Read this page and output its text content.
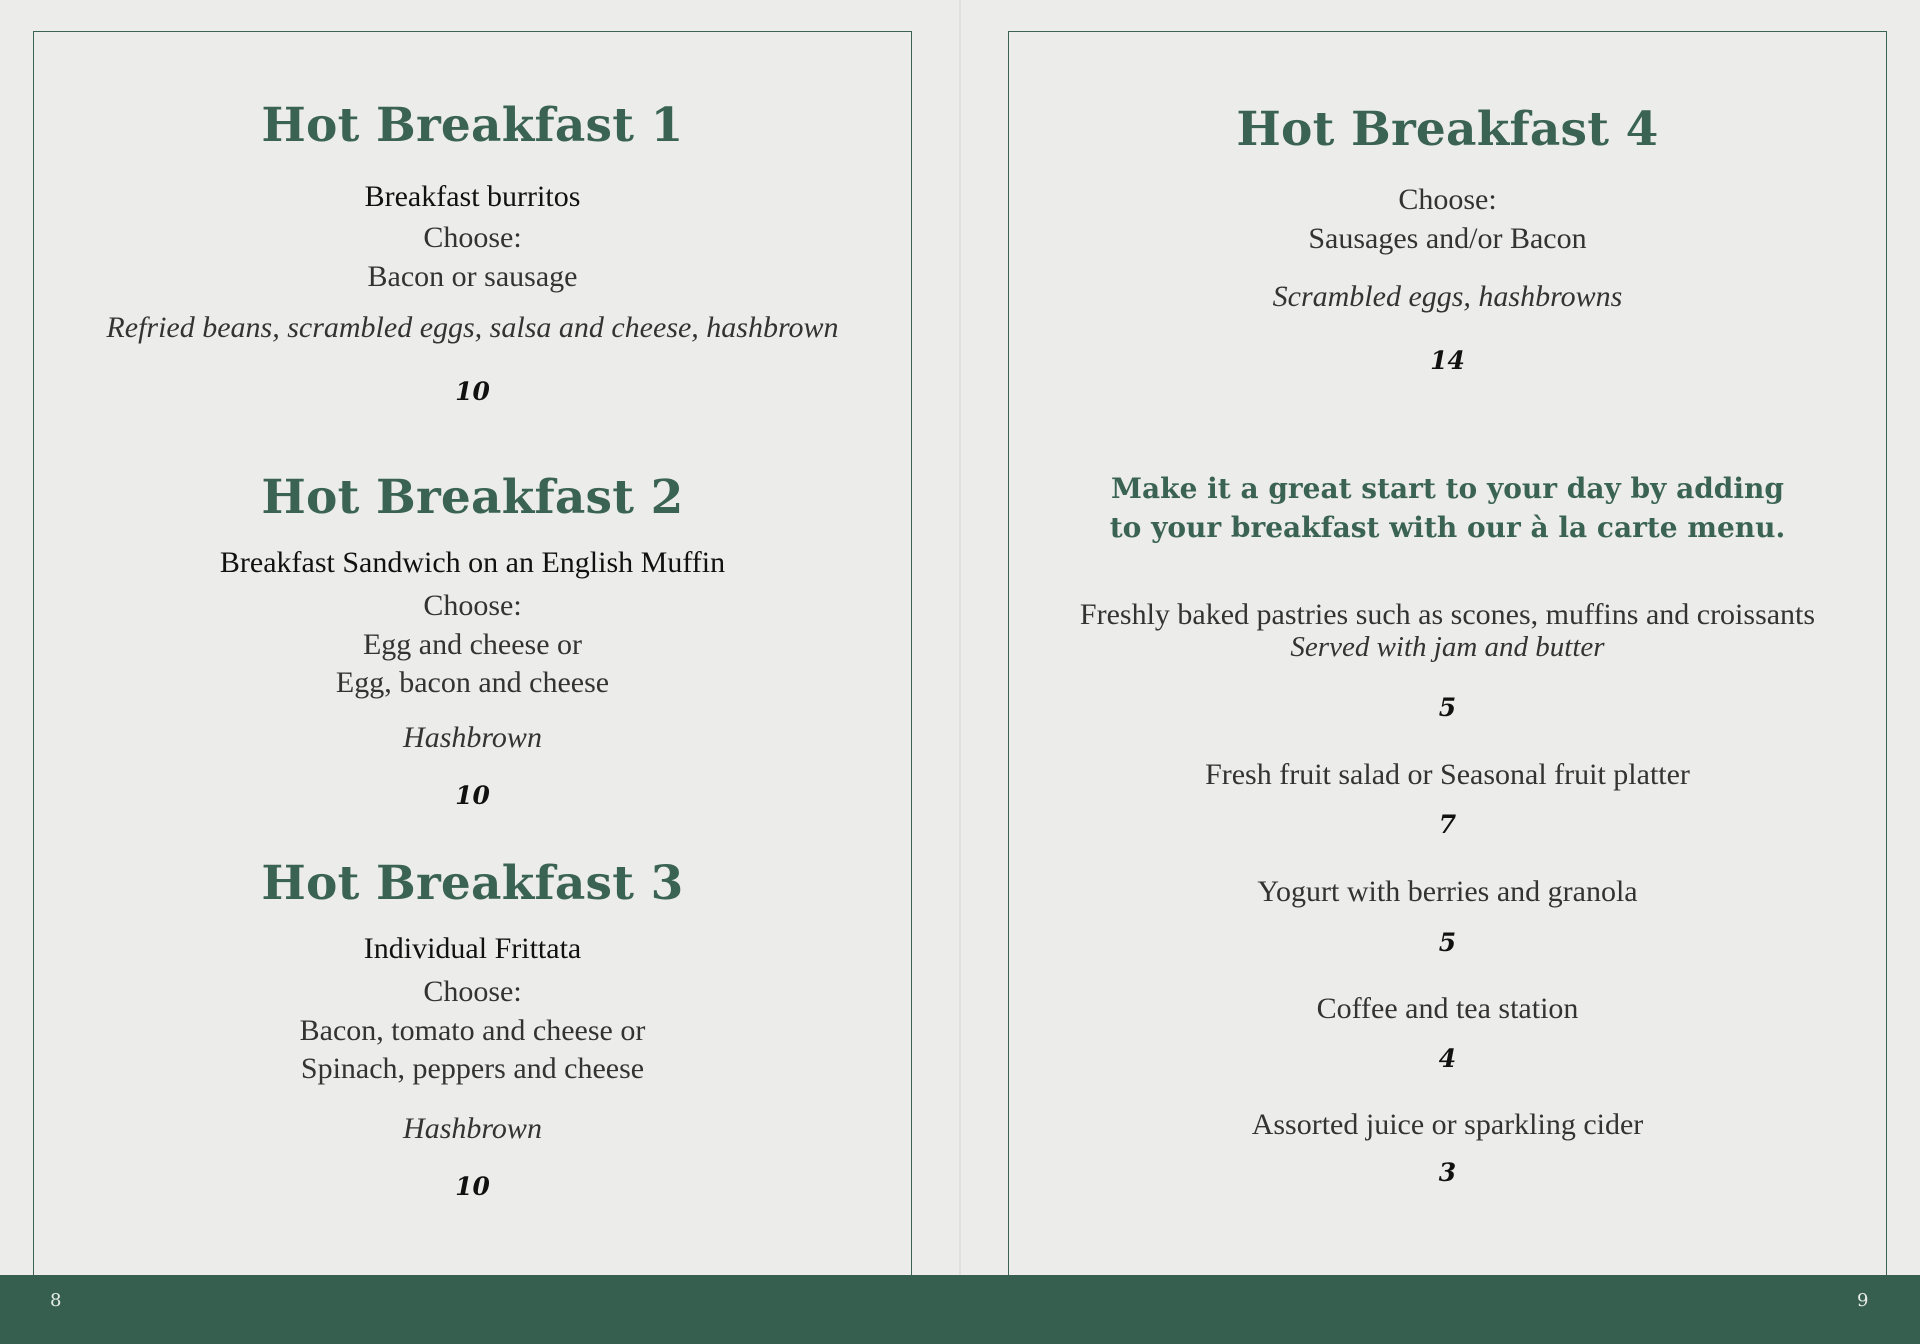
Hot Breakfast 1
Breakfast burritos
Choose:
Bacon or sausage
Refried beans, scrambled eggs, salsa and cheese, hashbrown
10
Hot Breakfast 2
Breakfast Sandwich on an English Muffin
Choose:
Egg and cheese or
Egg, bacon and cheese
Hashbrown
10
Hot Breakfast 3
Individual Frittata
Choose:
Bacon, tomato and cheese or
Spinach, peppers and cheese
Hashbrown
10
Hot Breakfast 4
Choose:
Sausages and/or Bacon
Scrambled eggs, hashbrowns
14
Make it a great start to your day by adding
to your breakfast with our à la carte menu.
Freshly baked pastries such as scones, muffins and croissants
Served with jam and butter
5
Fresh fruit salad or Seasonal fruit platter
7
Yogurt with berries and granola
5
Coffee and tea station
4
Assorted juice or sparkling cider
3
8	9
